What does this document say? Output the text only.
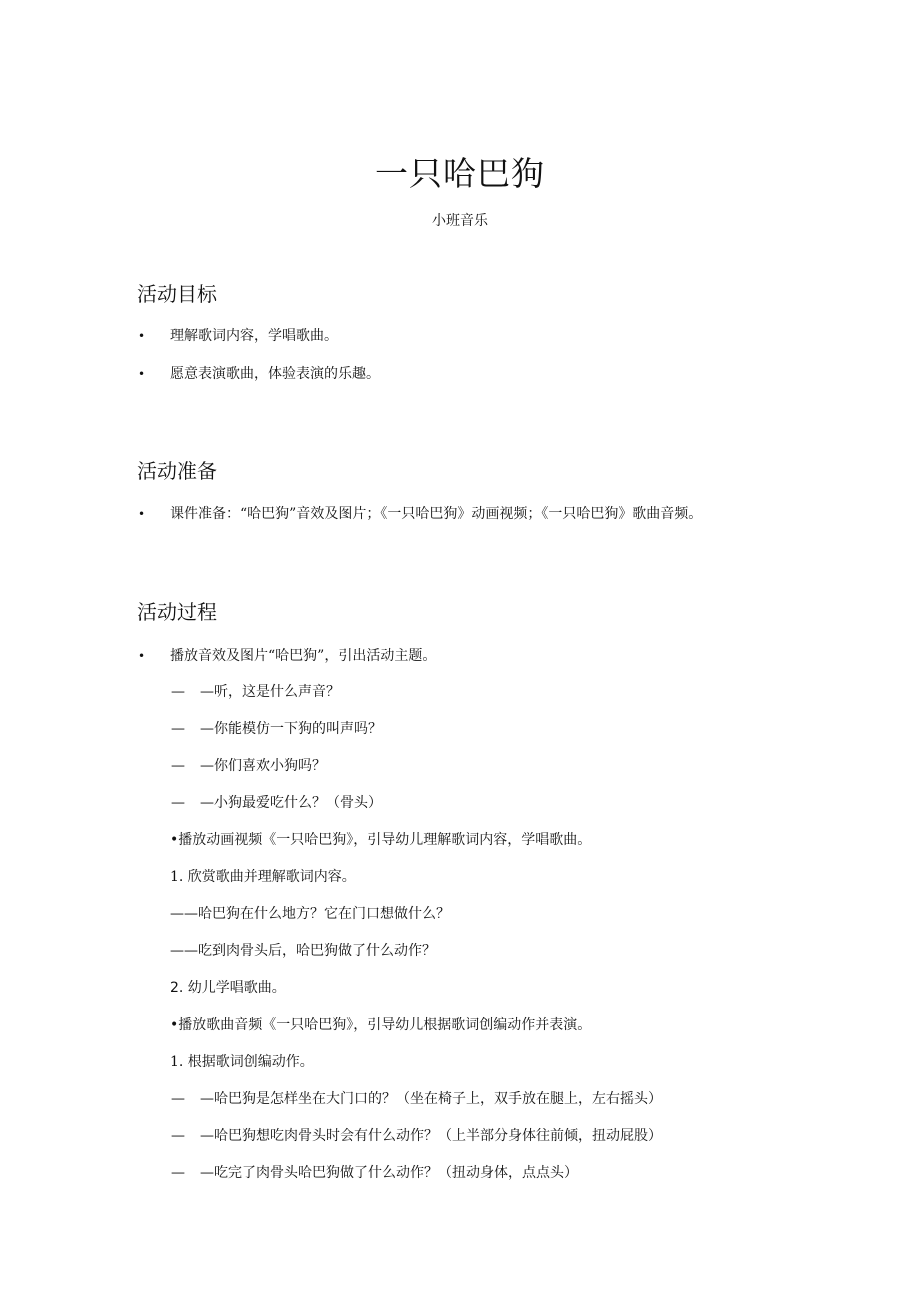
一只哈巴狗
小班音乐
活动目标
• 理解歌词内容，学唱歌曲。
• 愿意表演歌曲，体验表演的乐趣。
活动准备
• 课件准备：“哈巴狗”音效及图片；《一只哈巴狗》动画视频；《一只哈巴狗》歌曲音频。
活动过程
• 播放音效及图片“哈巴狗”，引出活动主题。
— —听，这是什么声音？
— —你能模仿一下狗的叫声吗？
— —你们喜欢小狗吗？
— —小狗最爱吃什么？（骨头）
•播放动画视频《一只哈巴狗》，引导幼儿理解歌词内容，学唱歌曲。
1. 欣赏歌曲并理解歌词内容。
——哈巴狗在什么地方？它在门口想做什么？
——吃到肉骨头后，哈巴狗做了什么动作？
2. 幼儿学唱歌曲。
•播放歌曲音频《一只哈巴狗》，引导幼儿根据歌词创编动作并表演。
1. 根据歌词创编动作。
— —哈巴狗是怎样坐在大门口的？（坐在椅子上，双手放在腿上，左右摇头）
— —哈巴狗想吃肉骨头时会有什么动作？（上半部分身体往前倾，扭动屁股）
— —吃完了肉骨头哈巴狗做了什么动作？（扭动身体，点点头）
